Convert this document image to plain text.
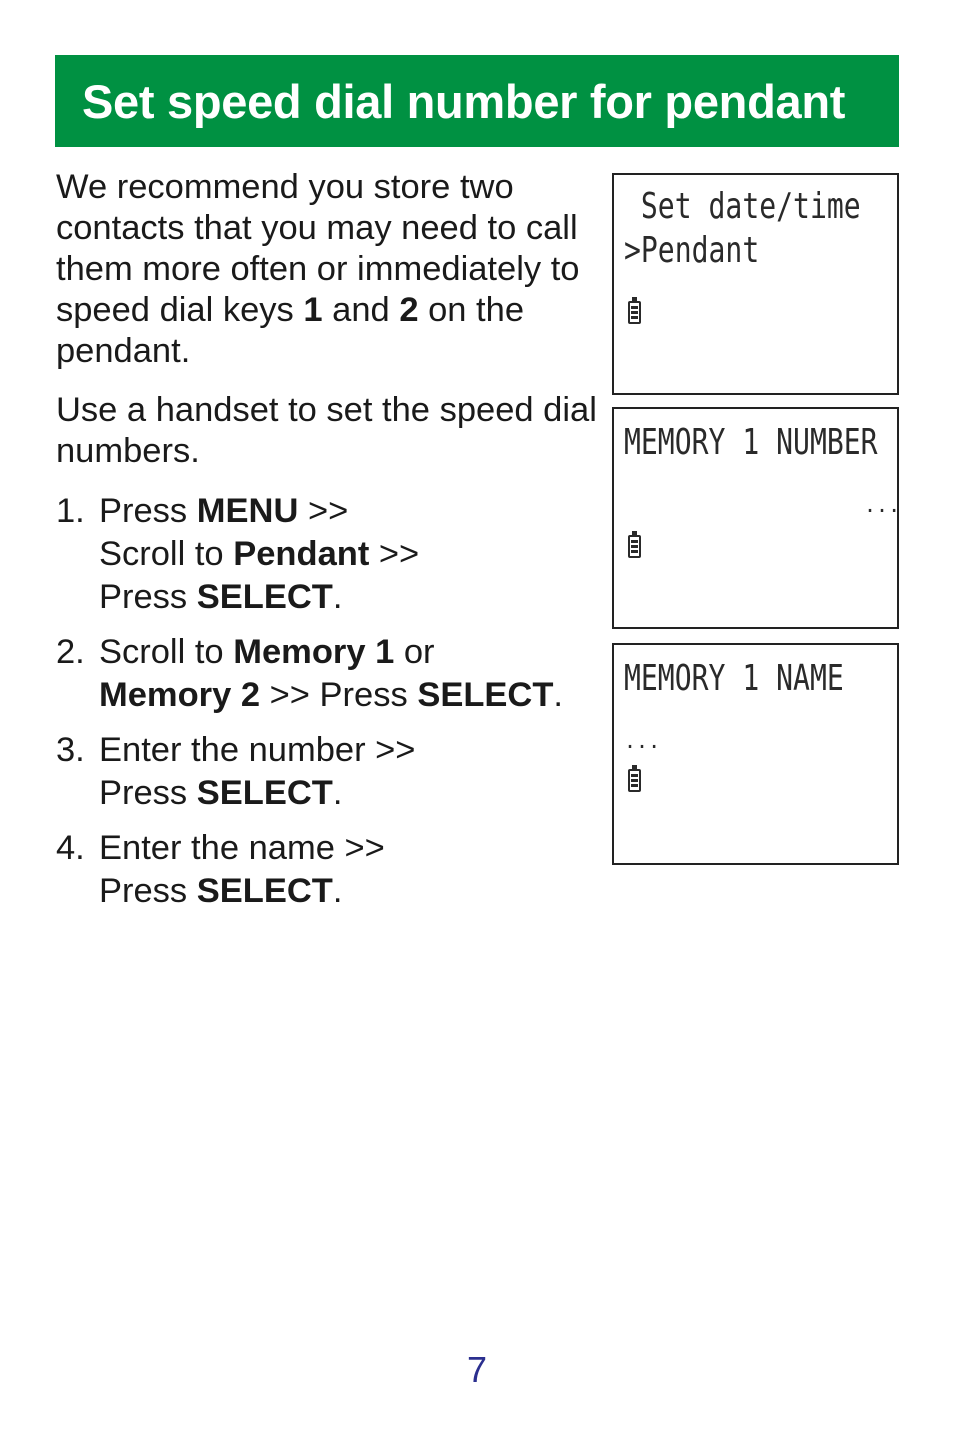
Set speed dial number for pendant

We recommend you store two contacts that you may need to call them more often or immediately to speed dial keys 1 and 2 on the pendant.

Use a handset to set the speed dial numbers.

1. Press MENU >>
Scroll to Pendant >>
Press SELECT.
2. Scroll to Memory 1 or
Memory 2 >> Press SELECT.
3. Enter the number >>
Press SELECT.
4. Enter the name >>
Press SELECT.
Set date/time
>Pendant
MEMORY 1 NUMBER
...
MEMORY 1 NAME
...
7
